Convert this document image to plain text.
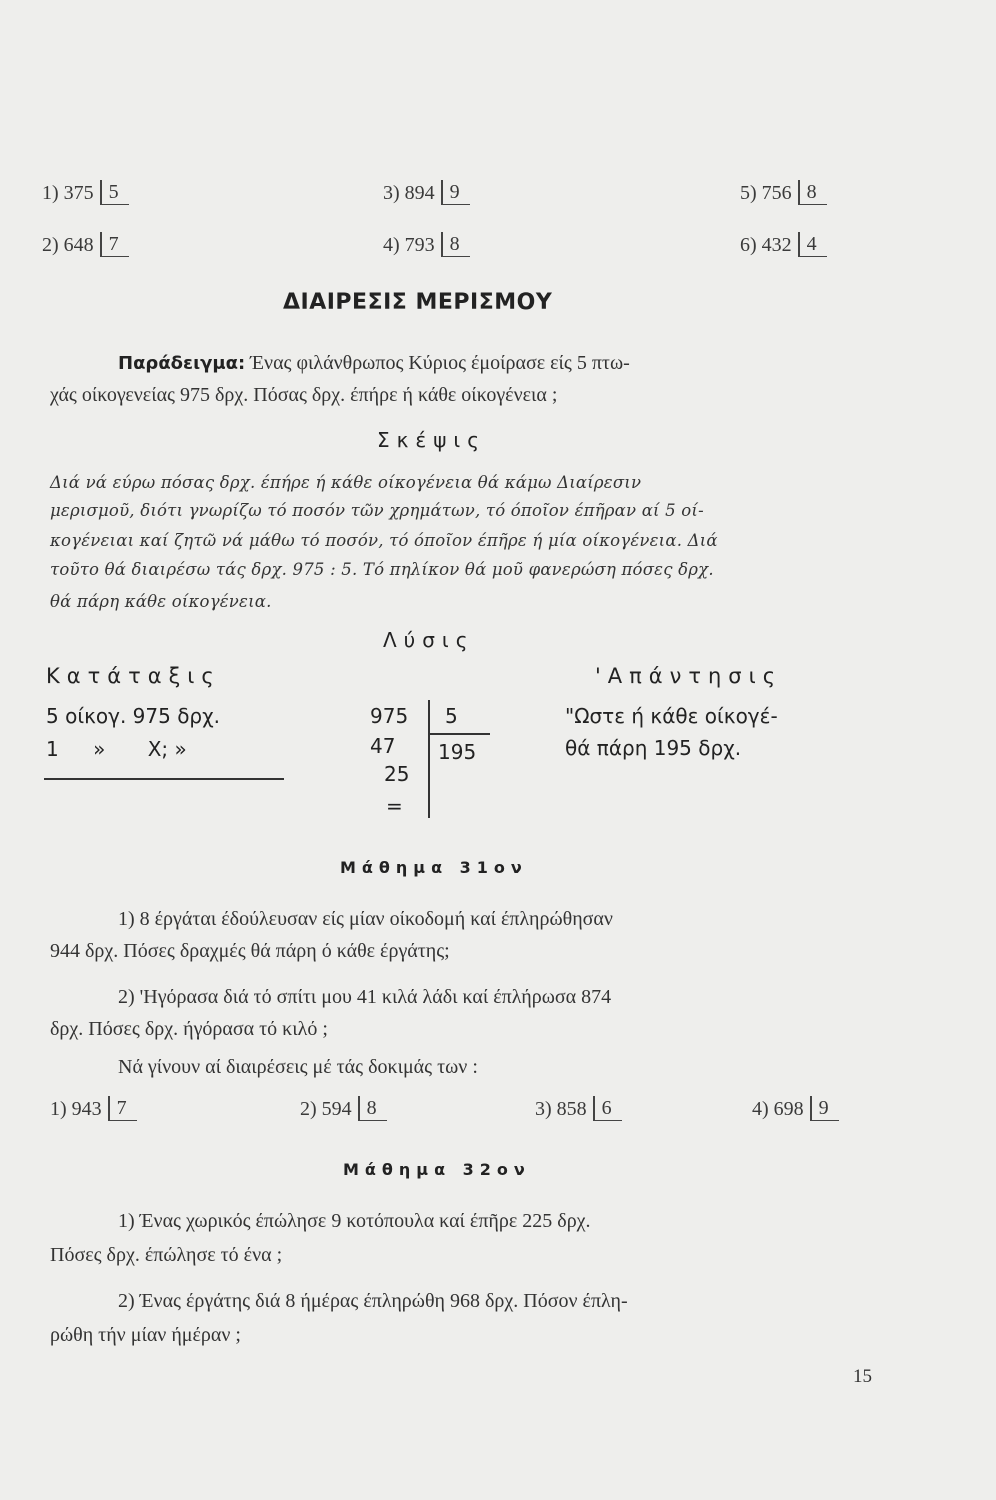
1) 375 5	3) 894 9	5) 756 8
2) 648 7	4) 793 8	6) 432 4
ΔΙΑΙΡΕΣΙΣ ΜΕΡΙΣΜΟΥ
Παράδειγμα: Ένας φιλάνθρωπος Κύριος έμοίρασε είς 5 πτω-
χάς οίκογενείας 975 δρχ. Πόσας δρχ. έπήρε ή κάθε οίκογένεια ;
Σκέψις
Διά νά εύρω πόσας δρχ. έπήρε ή κάθε οίκογένεια θά κάμω Διαίρεσιν
μερισμοῦ, διότι γνωρίζω τό ποσόν τῶν χρημάτων, τό όποῖον έπῆραν αί 5 οί-
κογένειαι καί ζητῶ νά μάθω τό ποσόν, τό όποῖον έπῆρε ή μία οίκογένεια. Διά
τοῦτο θά διαιρέσω τάς δρχ. 975 : 5. Τό πηλίκον θά μοῦ φανερώση πόσες δρχ.
θά πάρη κάθε οίκογένεια.
Λύσις
Κατάταξις
5 οίκογ. 975 δρχ.
1 » Χ; »
975
47
25
=
5
195
'Απάντησις
"Ωστε ή κάθε οίκογέ-
θά πάρη 195 δρχ.
Μάθημα 31ον
1) 8 έργάται έδούλευσαν είς μίαν οίκοδομή καί έπληρώθησαν
944 δρχ. Πόσες δραχμές θά πάρη ό κάθε έργάτης;
2) 'Ηγόρασα διά τό σπίτι μου 41 κιλά λάδι καί έπλήρωσα 874
δρχ. Πόσες δρχ. ήγόρασα τό κιλό ;
Νά γίνουν αί διαιρέσεις μέ τάς δοκιμάς των :
1) 943 7	2) 594 8	3) 858 6	4) 698 9
Μάθημα 32ον
1) Ένας χωρικός έπώλησε 9 κοτόπουλα καί έπῆρε 225 δρχ.
Πόσες δρχ. έπώλησε τό ένα ;
2) Ένας έργάτης διά 8 ήμέρας έπληρώθη 968 δρχ. Πόσον έπλη-
ρώθη τήν μίαν ήμέραν ;
15
